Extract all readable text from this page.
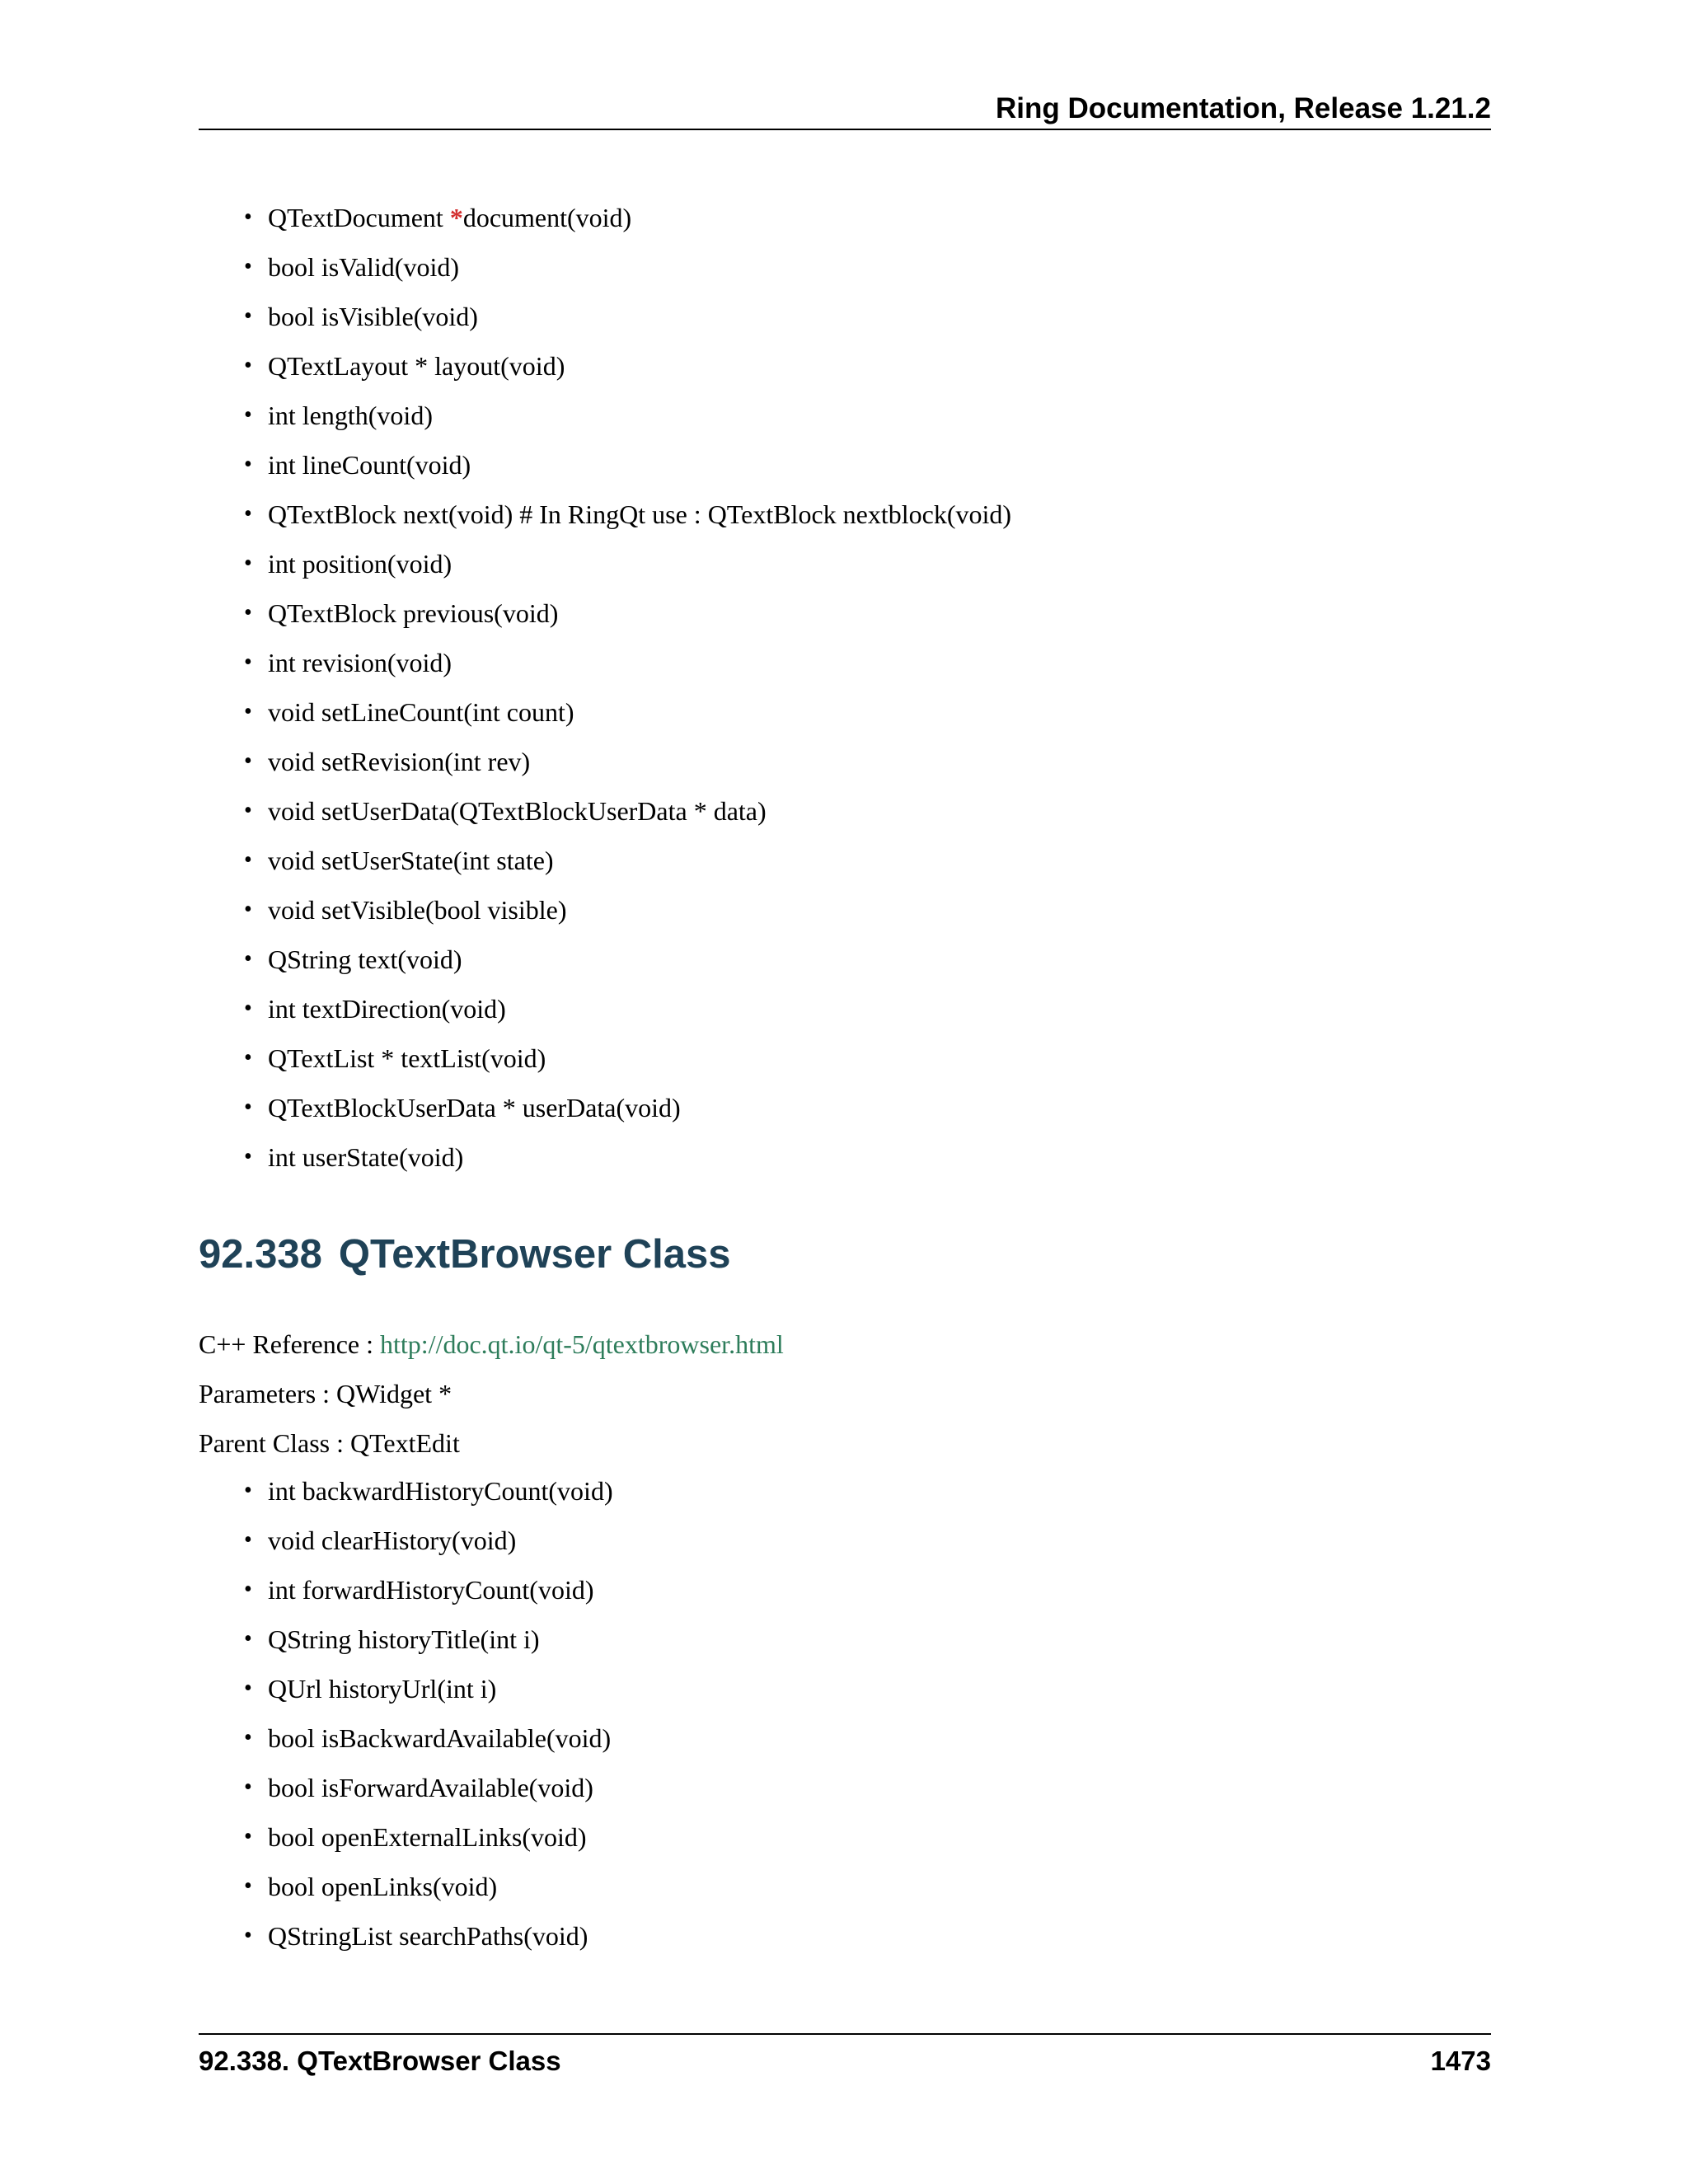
Ring Documentation, Release 1.21.2
• QTextDocument *document(void)
• bool isValid(void)
• bool isVisible(void)
• QTextLayout * layout(void)
• int length(void)
• int lineCount(void)
• QTextBlock next(void) # In RingQt use : QTextBlock nextblock(void)
• int position(void)
• QTextBlock previous(void)
• int revision(void)
• void setLineCount(int count)
• void setRevision(int rev)
• void setUserData(QTextBlockUserData * data)
• void setUserState(int state)
• void setVisible(bool visible)
• QString text(void)
• int textDirection(void)
• QTextList * textList(void)
• QTextBlockUserData * userData(void)
• int userState(void)
92.338 QTextBrowser Class
C++ Reference : http://doc.qt.io/qt-5/qtextbrowser.html
Parameters : QWidget *
Parent Class : QTextEdit
• int backwardHistoryCount(void)
• void clearHistory(void)
• int forwardHistoryCount(void)
• QString historyTitle(int i)
• QUrl historyUrl(int i)
• bool isBackwardAvailable(void)
• bool isForwardAvailable(void)
• bool openExternalLinks(void)
• bool openLinks(void)
• QStringList searchPaths(void)
92.338. QTextBrowser Class	1473
